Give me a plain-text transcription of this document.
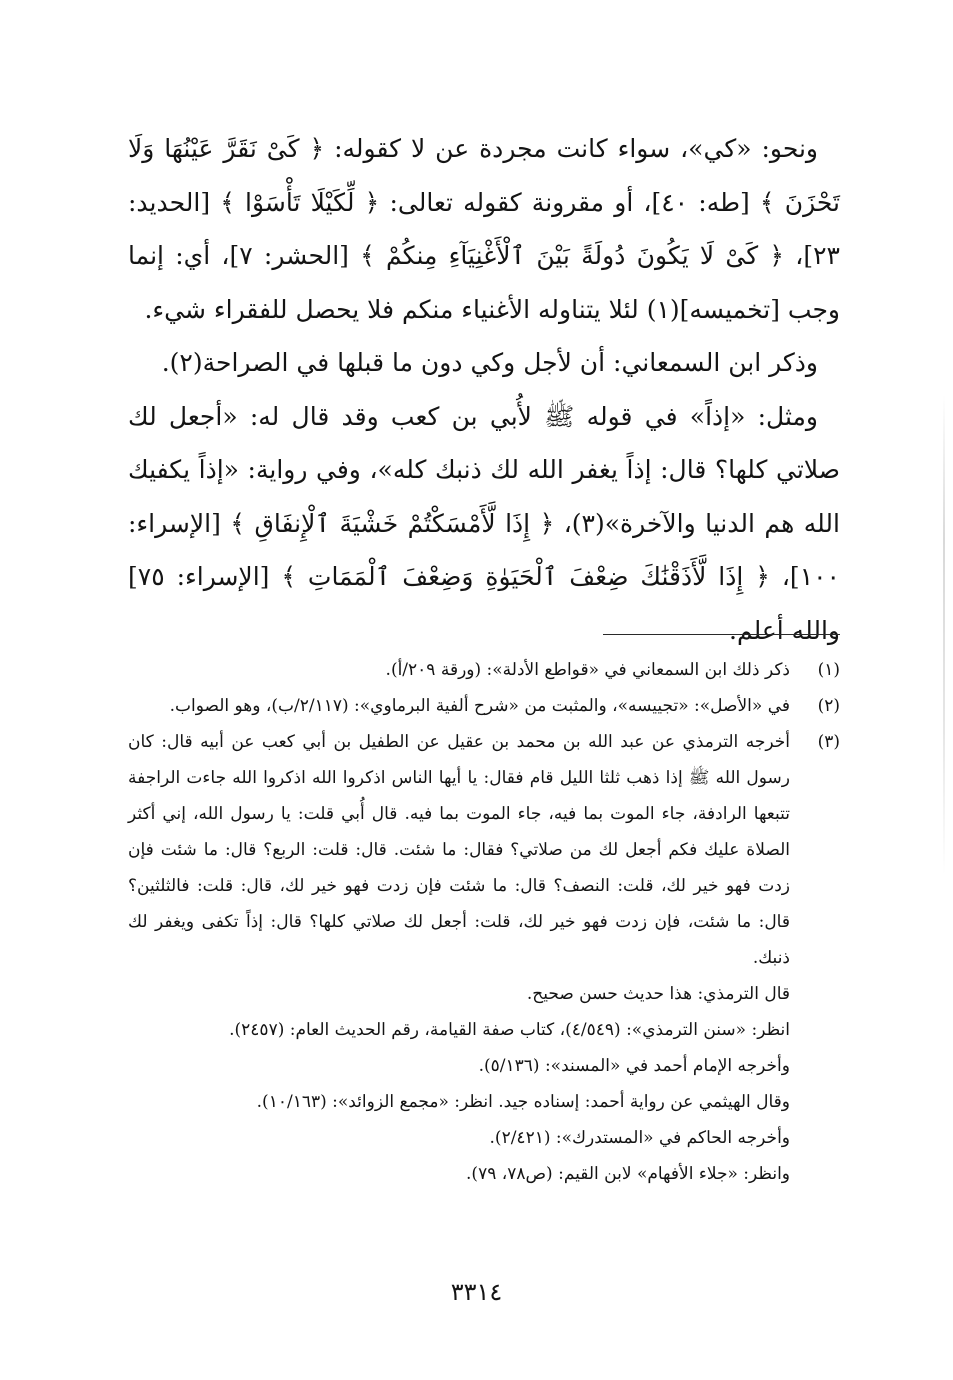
ونحو: «كي»، سواء كانت مجردة عن لا كقوله: ﴿ كَىْ نَقَرَّ عَيْنُهَا وَلَا تَحْزَنَ ﴾ [طه: ٤٠]، أو مقرونة كقوله تعالى: ﴿ لِّكَيْلَا تَأْسَوْا ﴾ [الحديد: ٢٣]، ﴿ كَىْ لَا يَكُونَ دُولَةً بَيْنَ ٱلْأَغْنِيَآءِ مِنكُمْ ﴾ [الحشر: ٧]، أي: إنما وجب [تخميسه](١) لئلا يتناوله الأغنياء منكم فلا يحصل للفقراء شيء.

وذكر ابن السمعاني: أن لأجل وكي دون ما قبلها في الصراحة(٢).

ومثل: «إذاً» في قوله ﷺ لأُبي بن كعب وقد قال له: «أجعل لك صلاتي كلها؟ قال: إذاً يغفر الله لك ذنبك كله»، وفي رواية: «إذاً يكفيك الله هم الدنيا والآخرة»(٣)، ﴿ إِذَا لَّأَمْسَكْتُمْ خَشْيَةَ ٱلْإِنفَاقِ ﴾ [الإسراء: ١٠٠]، ﴿ إِذَا لَّأَذَقْنَٰكَ ضِعْفَ ٱلْحَيَوٰةِ وَضِعْفَ ٱلْمَمَاتِ ﴾ [الإسراء: ٧٥] والله أعلم.

(١)
ذكر ذلك ابن السمعاني في «قواطع الأدلة»: (ورقة ٢٠٩/أ).
(٢)
في «الأصل»: «تجييسه»، والمثبت من «شرح ألفية البرماوي»: (٢/١١٧/ب)، وهو الصواب.
(٣)
أخرجه الترمذي عن عبد الله بن محمد بن عقيل عن الطفيل بن أبي كعب عن أبيه قال: كان رسول الله ﷺ إذا ذهب ثلثا الليل قام فقال: يا أيها الناس اذكروا الله اذكروا الله جاءت الراجفة تتبعها الرادفة، جاء الموت بما فيه، جاء الموت بما فيه. قال أُبي قلت: يا رسول الله، إني أكثر الصلاة عليك فكم أجعل لك من صلاتي؟ فقال: ما شئت. قال: قلت: الربع؟ قال: ما شئت فإن زدت فهو خير لك، قلت: النصف؟ قال: ما شئت فإن زدت فهو خير لك، قال: قلت: فالثلثين؟ قال: ما شئت، فإن زدت فهو خير لك، قلت: أجعل لك صلاتي كلها؟ قال: إذاً تكفى ويغفر لك ذنبك.
قال الترمذي: هذا حديث حسن صحيح.
انظر: «سنن الترمذي»: (٤/٥٤٩)، كتاب صفة القيامة، رقم الحديث العام: (٢٤٥٧).
وأخرجه الإمام أحمد في «المسند»: (٥/١٣٦).
وقال الهيثمي عن رواية أحمد: إسناده جيد. انظر: «مجمع الزوائد»: (١٠/١٦٣).
وأخرجه الحاكم في «المستدرك»: (٢/٤٢١).
وانظر: «جلاء الأفهام» لابن القيم: (ص٧٨، ٧٩).
٣٣١٤
